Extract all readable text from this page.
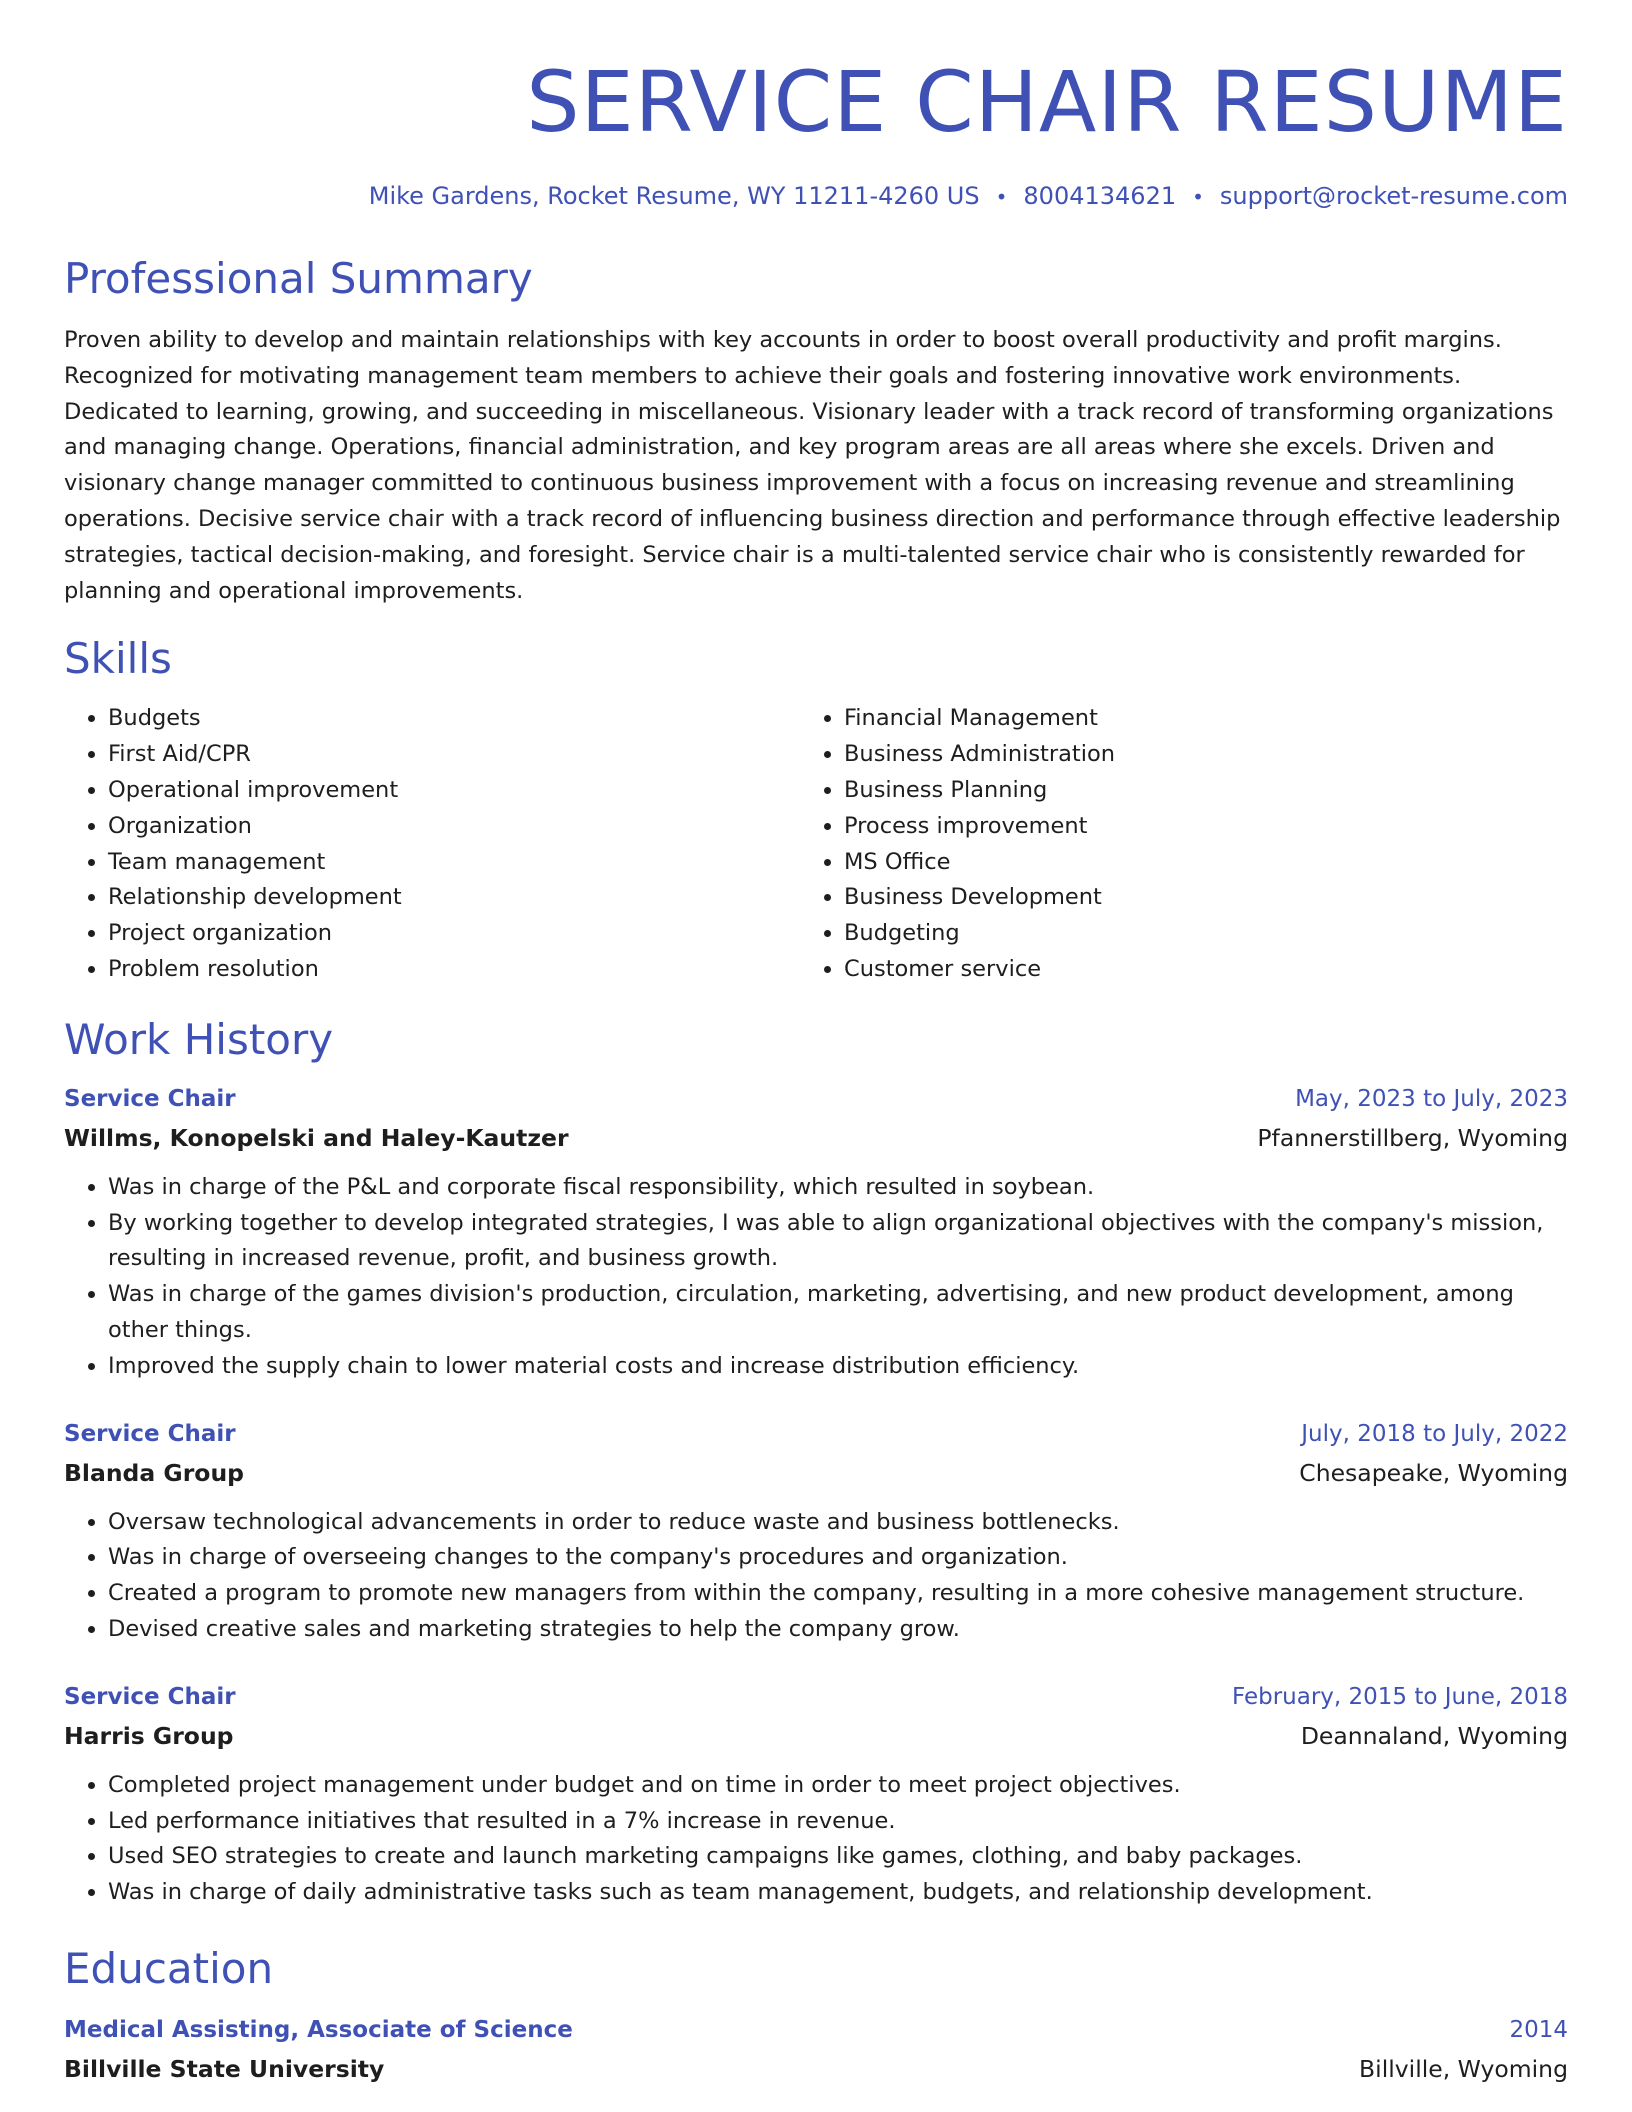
SERVICE CHAIR RESUME
Mike Gardens, Rocket Resume, WY 11211-4260 US • 8004134621 • support@rocket-resume.com
Professional Summary

Proven ability to develop and maintain relationships with key accounts in order to boost overall productivity and profit margins. Recognized for motivating management team members to achieve their goals and fostering innovative work environments. Dedicated to learning, growing, and succeeding in miscellaneous. Visionary leader with a track record of transforming organizations and managing change. Operations, financial administration, and key program areas are all areas where she excels. Driven and visionary change manager committed to continuous business improvement with a focus on increasing revenue and streamlining operations. Decisive service chair with a track record of influencing business direction and performance through effective leadership strategies, tactical decision-making, and foresight. Service chair is a multi-talented service chair who is consistently rewarded for planning and operational improvements.

Skills
• Budgets
• First Aid/CPR
• Operational improvement
• Organization
• Team management
• Relationship development
• Project organization
• Problem resolution
• Financial Management
• Business Administration
• Business Planning
• Process improvement
• MS Office
• Business Development
• Budgeting
• Customer service
Work History
Service Chair	May, 2023 to July, 2023
Willms, Konopelski and Haley-Kautzer	Pfannerstillberg, Wyoming
• Was in charge of the P&L and corporate fiscal responsibility, which resulted in soybean.
• By working together to develop integrated strategies, I was able to align organizational objectives with the company's mission, resulting in increased revenue, profit, and business growth.
• Was in charge of the games division's production, circulation, marketing, advertising, and new product development, among other things.
• Improved the supply chain to lower material costs and increase distribution efficiency.
Service Chair	July, 2018 to July, 2022
Blanda Group	Chesapeake, Wyoming
• Oversaw technological advancements in order to reduce waste and business bottlenecks.
• Was in charge of overseeing changes to the company's procedures and organization.
• Created a program to promote new managers from within the company, resulting in a more cohesive management structure.
• Devised creative sales and marketing strategies to help the company grow.
Service Chair	February, 2015 to June, 2018
Harris Group	Deannaland, Wyoming
• Completed project management under budget and on time in order to meet project objectives.
• Led performance initiatives that resulted in a 7% increase in revenue.
• Used SEO strategies to create and launch marketing campaigns like games, clothing, and baby packages.
• Was in charge of daily administrative tasks such as team management, budgets, and relationship development.
Education
Medical Assisting, Associate of Science	2014
Billville State University	Billville, Wyoming
